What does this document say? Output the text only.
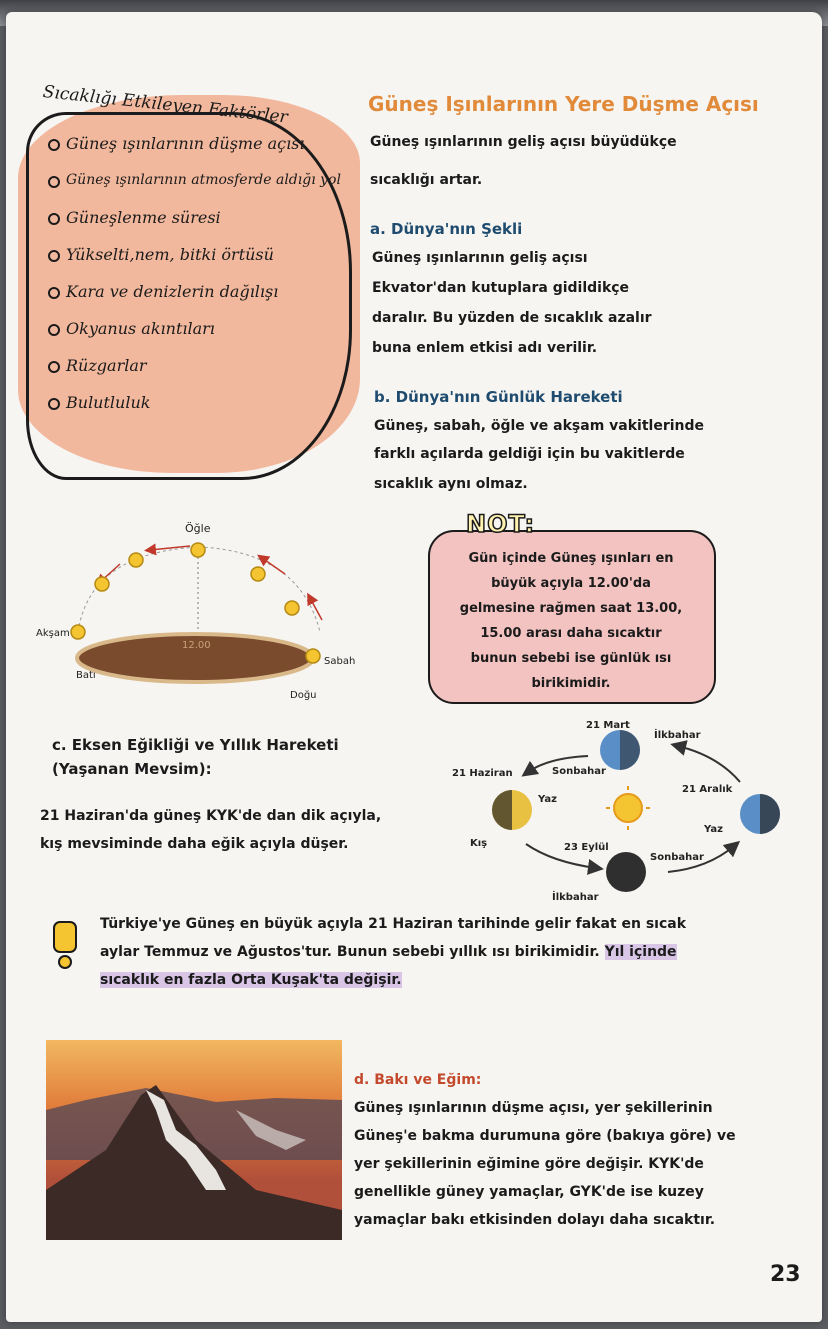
Sıcaklığı Etkileyen Faktörler
Güneş ışınlarının düşme açısı
Güneş ışınlarının atmosferde aldığı yol
Güneşlenme süresi
Yükselti,nem, bitki örtüsü
Kara ve denizlerin dağılışı
Okyanus akıntıları
Rüzgarlar
Bulutluluk
Güneş Işınlarının Yere Düşme Açısı
Güneş ışınlarının geliş açısı büyüdükçe
sıcaklığı artar.
a. Dünya'nın Şekli
Güneş ışınlarının geliş açısı
Ekvator'dan kutuplara gidildikçe
daralır. Bu yüzden de sıcaklık azalır
buna enlem etkisi adı verilir.
b. Dünya'nın Günlük Hareketi
Güneş, sabah, öğle ve akşam vakitlerinde
farklı açılarda geldiği için bu vakitlerde
sıcaklık aynı olmaz.
Öğle
Akşam
Batı
Sabah
Doğu
12.00
NOT:
Gün içinde Güneş ışınları en
büyük açıyla 12.00'da
gelmesine rağmen saat 13.00,
15.00 arası daha sıcaktır
bunun sebebi ise günlük ısı
birikimidir.
c. Eksen Eğikliği ve Yıllık Hareketi
(Yaşanan Mevsim):
21 Haziran'da güneş KYK'de dan dik açıyla,
kış mevsiminde daha eğik açıyla düşer.
21 Mart
İlkbahar
21 Haziran	Sonbahar
Yaz
Kış
21 Aralık
Yaz
23 Eylül
Sonbahar
İlkbahar
Türkiye'ye Güneş en büyük açıyla 21 Haziran tarihinde gelir fakat en sıcak
aylar Temmuz ve Ağustos'tur. Bunun sebebi yıllık ısı birikimidir. Yıl içinde
sıcaklık en fazla Orta Kuşak'ta değişir.
d. Bakı ve Eğim:
Güneş ışınlarının düşme açısı, yer şekillerinin
Güneş'e bakma durumuna göre (bakıya göre) ve
yer şekillerinin eğimine göre değişir. KYK'de
genellikle güney yamaçlar, GYK'de ise kuzey
yamaçlar bakı etkisinden dolayı daha sıcaktır.
23
